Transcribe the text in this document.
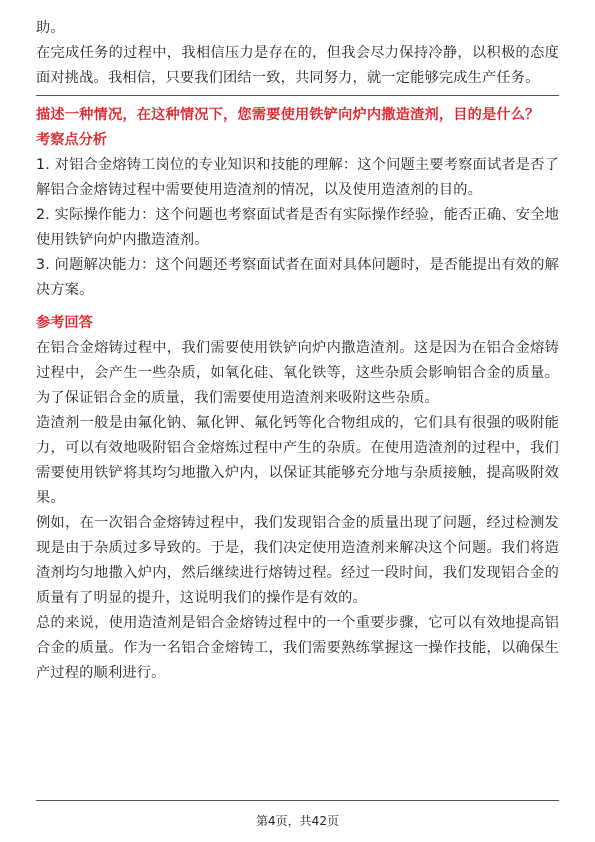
助。

在完成任务的过程中，我相信压力是存在的，但我会尽力保持冷静，以积极的态度面对挑战。我相信，只要我们团结一致，共同努力，就一定能够完成生产任务。

描述一种情况，在这种情况下，您需要使用铁铲向炉内撒造渣剂，目的是什么？

考察点分析

1. 对铝合金熔铸工岗位的专业知识和技能的理解：这个问题主要考察面试者是否了解铝合金熔铸过程中需要使用造渣剂的情况，以及使用造渣剂的目的。

2. 实际操作能力：这个问题也考察面试者是否有实际操作经验，能否正确、安全地使用铁铲向炉内撒造渣剂。

3. 问题解决能力：这个问题还考察面试者在面对具体问题时，是否能提出有效的解决方案。

参考回答

在铝合金熔铸过程中，我们需要使用铁铲向炉内撒造渣剂。这是因为在铝合金熔铸过程中，会产生一些杂质，如氧化硅、氧化铁等，这些杂质会影响铝合金的质量。为了保证铝合金的质量，我们需要使用造渣剂来吸附这些杂质。

造渣剂一般是由氟化钠、氟化钾、氟化钙等化合物组成的，它们具有很强的吸附能力，可以有效地吸附铝合金熔炼过程中产生的杂质。在使用造渣剂的过程中，我们需要使用铁铲将其均匀地撒入炉内，以保证其能够充分地与杂质接触，提高吸附效果。

例如，在一次铝合金熔铸过程中，我们发现铝合金的质量出现了问题，经过检测发现是由于杂质过多导致的。于是，我们决定使用造渣剂来解决这个问题。我们将造渣剂均匀地撒入炉内，然后继续进行熔铸过程。经过一段时间，我们发现铝合金的质量有了明显的提升，这说明我们的操作是有效的。

总的来说，使用造渣剂是铝合金熔铸过程中的一个重要步骤，它可以有效地提高铝合金的质量。作为一名铝合金熔铸工，我们需要熟练掌握这一操作技能，以确保生产过程的顺利进行。

第4页，共42页
